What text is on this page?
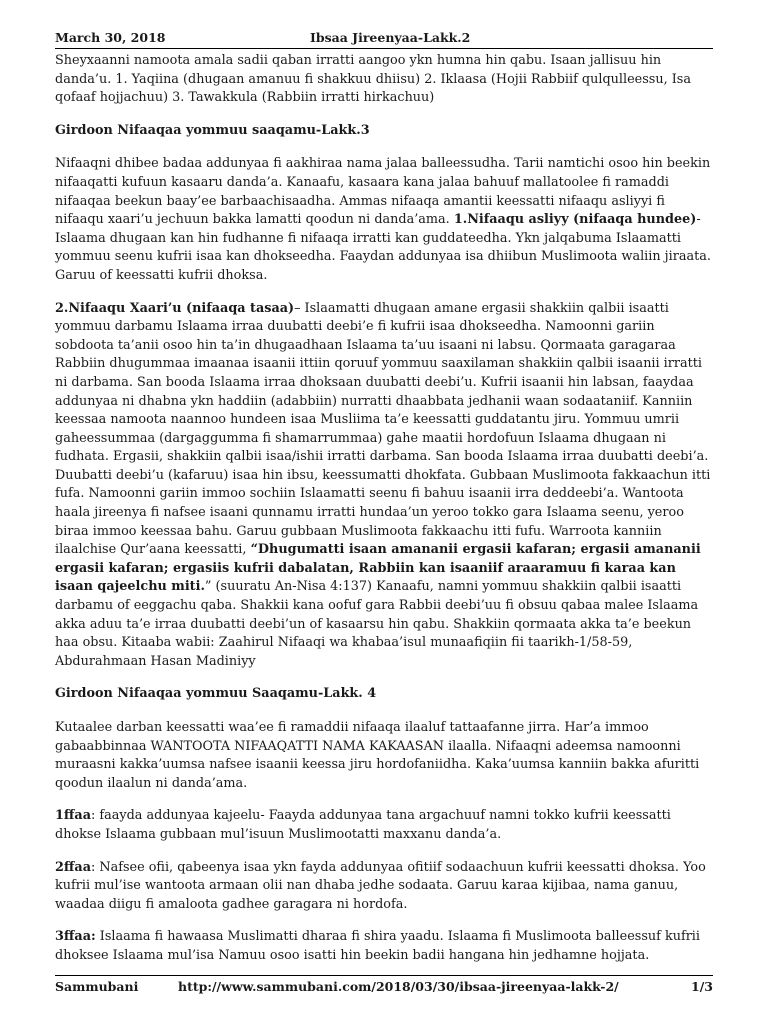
March 30, 2018	Ibsaa Jireenyaa-Lakk.2

Sheyxaanni namoota amala sadii qaban irratti aangoo ykn humna hin qabu. Isaan jallisuu hin danda’u. 1. Yaqiina (dhugaan amanuu fi shakkuu dhiisu) 2. Iklaasa (Hojii Rabbiif qulqulleessu, Isa qofaaf hojjachuu) 3. Tawakkula (Rabbiin irratti hirkachuu)

Girdoon Nifaaqaa yommuu saaqamu-Lakk.3

Nifaaqni dhibee badaa addunyaa fi aakhiraa nama jalaa balleessudha. Tarii namtichi osoo hin beekin nifaaqatti kufuun kasaaru danda’a. Kanaafu, kasaara kana jalaa bahuuf mallatoolee fi ramaddi nifaaqaa beekun baay’ee barbaachisaadha. Ammas nifaaqa amantii keessatti nifaaqu asliyyi fi nifaaqu xaari’u jechuun bakka lamatti qoodun ni danda’ama. 1.Nifaaqu asliyy (nifaaqa hundee)-Islaama dhugaan kan hin fudhanne fi nifaaqa irratti kan guddateedha. Ykn jalqabuma Islaamatti yommuu seenu kufrii isaa kan dhokseedha. Faaydan addunyaa isa dhiibun Muslimoota waliin jiraata. Garuu of keessatti kufrii dhoksa.

2.Nifaaqu Xaari’u (nifaaqa tasaa)– Islaamatti dhugaan amane ergasii shakkiin qalbii isaatti yommuu darbamu Islaama irraa duubatti deebi’e fi kufrii isaa dhokseedha. Namoonni gariin sobdoota ta’anii osoo hin ta’in dhugaadhaan Islaama ta’uu isaani ni labsu. Qormaata garagaraa Rabbiin dhugummaa imaanaa isaanii ittiin qoruuf yommuu saaxilaman shakkiin qalbii isaanii irratti ni darbama. San booda Islaama irraa dhoksaan duubatti deebi’u. Kufrii isaanii hin labsan, faaydaa addunyaa ni dhabna ykn haddiin (adabbiin) nurratti dhaabbata jedhanii waan sodaataniif. Kanniin keessaa namoota naannoo hundeen isaa Musliima ta’e keessatti guddatantu jiru. Yommuu umrii gaheessummaa (dargaggumma fi shamarrummaa) gahe maatii hordofuun Islaama dhugaan ni fudhata. Ergasii, shakkiin qalbii isaa/ishii irratti darbama. San booda Islaama irraa duubatti deebi’a. Duubatti deebi’u (kafaruu) isaa hin ibsu, keessumatti dhokfata. Gubbaan Muslimoota fakkaachun itti fufa. Namoonni gariin immoo sochiin Islaamatti seenu fi bahuu isaanii irra deddeebi’a. Wantoota haala jireenya fi nafsee isaani qunnamu irratti hundaa’un yeroo tokko gara Islaama seenu, yeroo biraa immoo keessaa bahu. Garuu gubbaan Muslimoota fakkaachu itti fufu. Warroota kanniin ilaalchise Qur’aana keessatti, “Dhugumatti isaan amananii ergasii kafaran; ergasii amananii ergasii kafaran; ergasiis kufrii dabalatan, Rabbiin kan isaaniif araaramuu fi karaa kan isaan qajeelchu miti.” (suuratu An-Nisa 4:137) Kanaafu, namni yommuu shakkiin qalbii isaatti darbamu of eeggachu qaba. Shakkii kana oofuf gara Rabbii deebi’uu fi obsuu qabaa malee Islaama akka aduu ta’e irraa duubatti deebi’un of kasaarsu hin qabu. Shakkiin qormaata akka ta’e beekun haa obsu. Kitaaba wabii: Zaahirul Nifaaqi wa khabaa’isul munaafiqiin fii taarikh-1/58-59, Abdurahmaan Hasan Madiniyy

Girdoon Nifaaqaa yommuu Saaqamu-Lakk. 4

Kutaalee darban keessatti waa’ee fi ramaddii nifaaqa ilaaluf tattaafanne jirra. Har’a immoo gabaabbinnaa WANTOOTA NIFAAQATTI NAMA KAKAASAN ilaalla. Nifaaqni adeemsa namoonni muraasni kakka’uumsa nafsee isaanii keessa jiru hordofaniidha. Kaka’uumsa kanniin bakka afuritti qoodun ilaalun ni danda’ama.

1ffaa: faayda addunyaa kajeelu- Faayda addunyaa tana argachuuf namni tokko kufrii keessatti dhokse Islaama gubbaan mul’isuun Muslimootatti maxxanu danda’a.

2ffaa: Nafsee ofii, qabeenya isaa ykn fayda addunyaa ofitiif sodaachuun kufrii keessatti dhoksa. Yoo kufrii mul’ise wantoota armaan olii nan dhaba jedhe sodaata. Garuu karaa kijibaa, nama ganuu, waadaa diigu fi amaloota gadhee garagara ni hordofa.

3ffaa: Islaama fi hawaasa Muslimatti dharaa fi shira yaadu. Islaama fi Muslimoota balleessuf kufrii dhoksee Islaama mul’isa Namuu osoo isatti hin beekin badii hangana hin jedhamne hojjata.

Sammubani	http://www.sammubani.com/2018/03/30/ibsaa-jireenyaa-lakk-2/	1/3
